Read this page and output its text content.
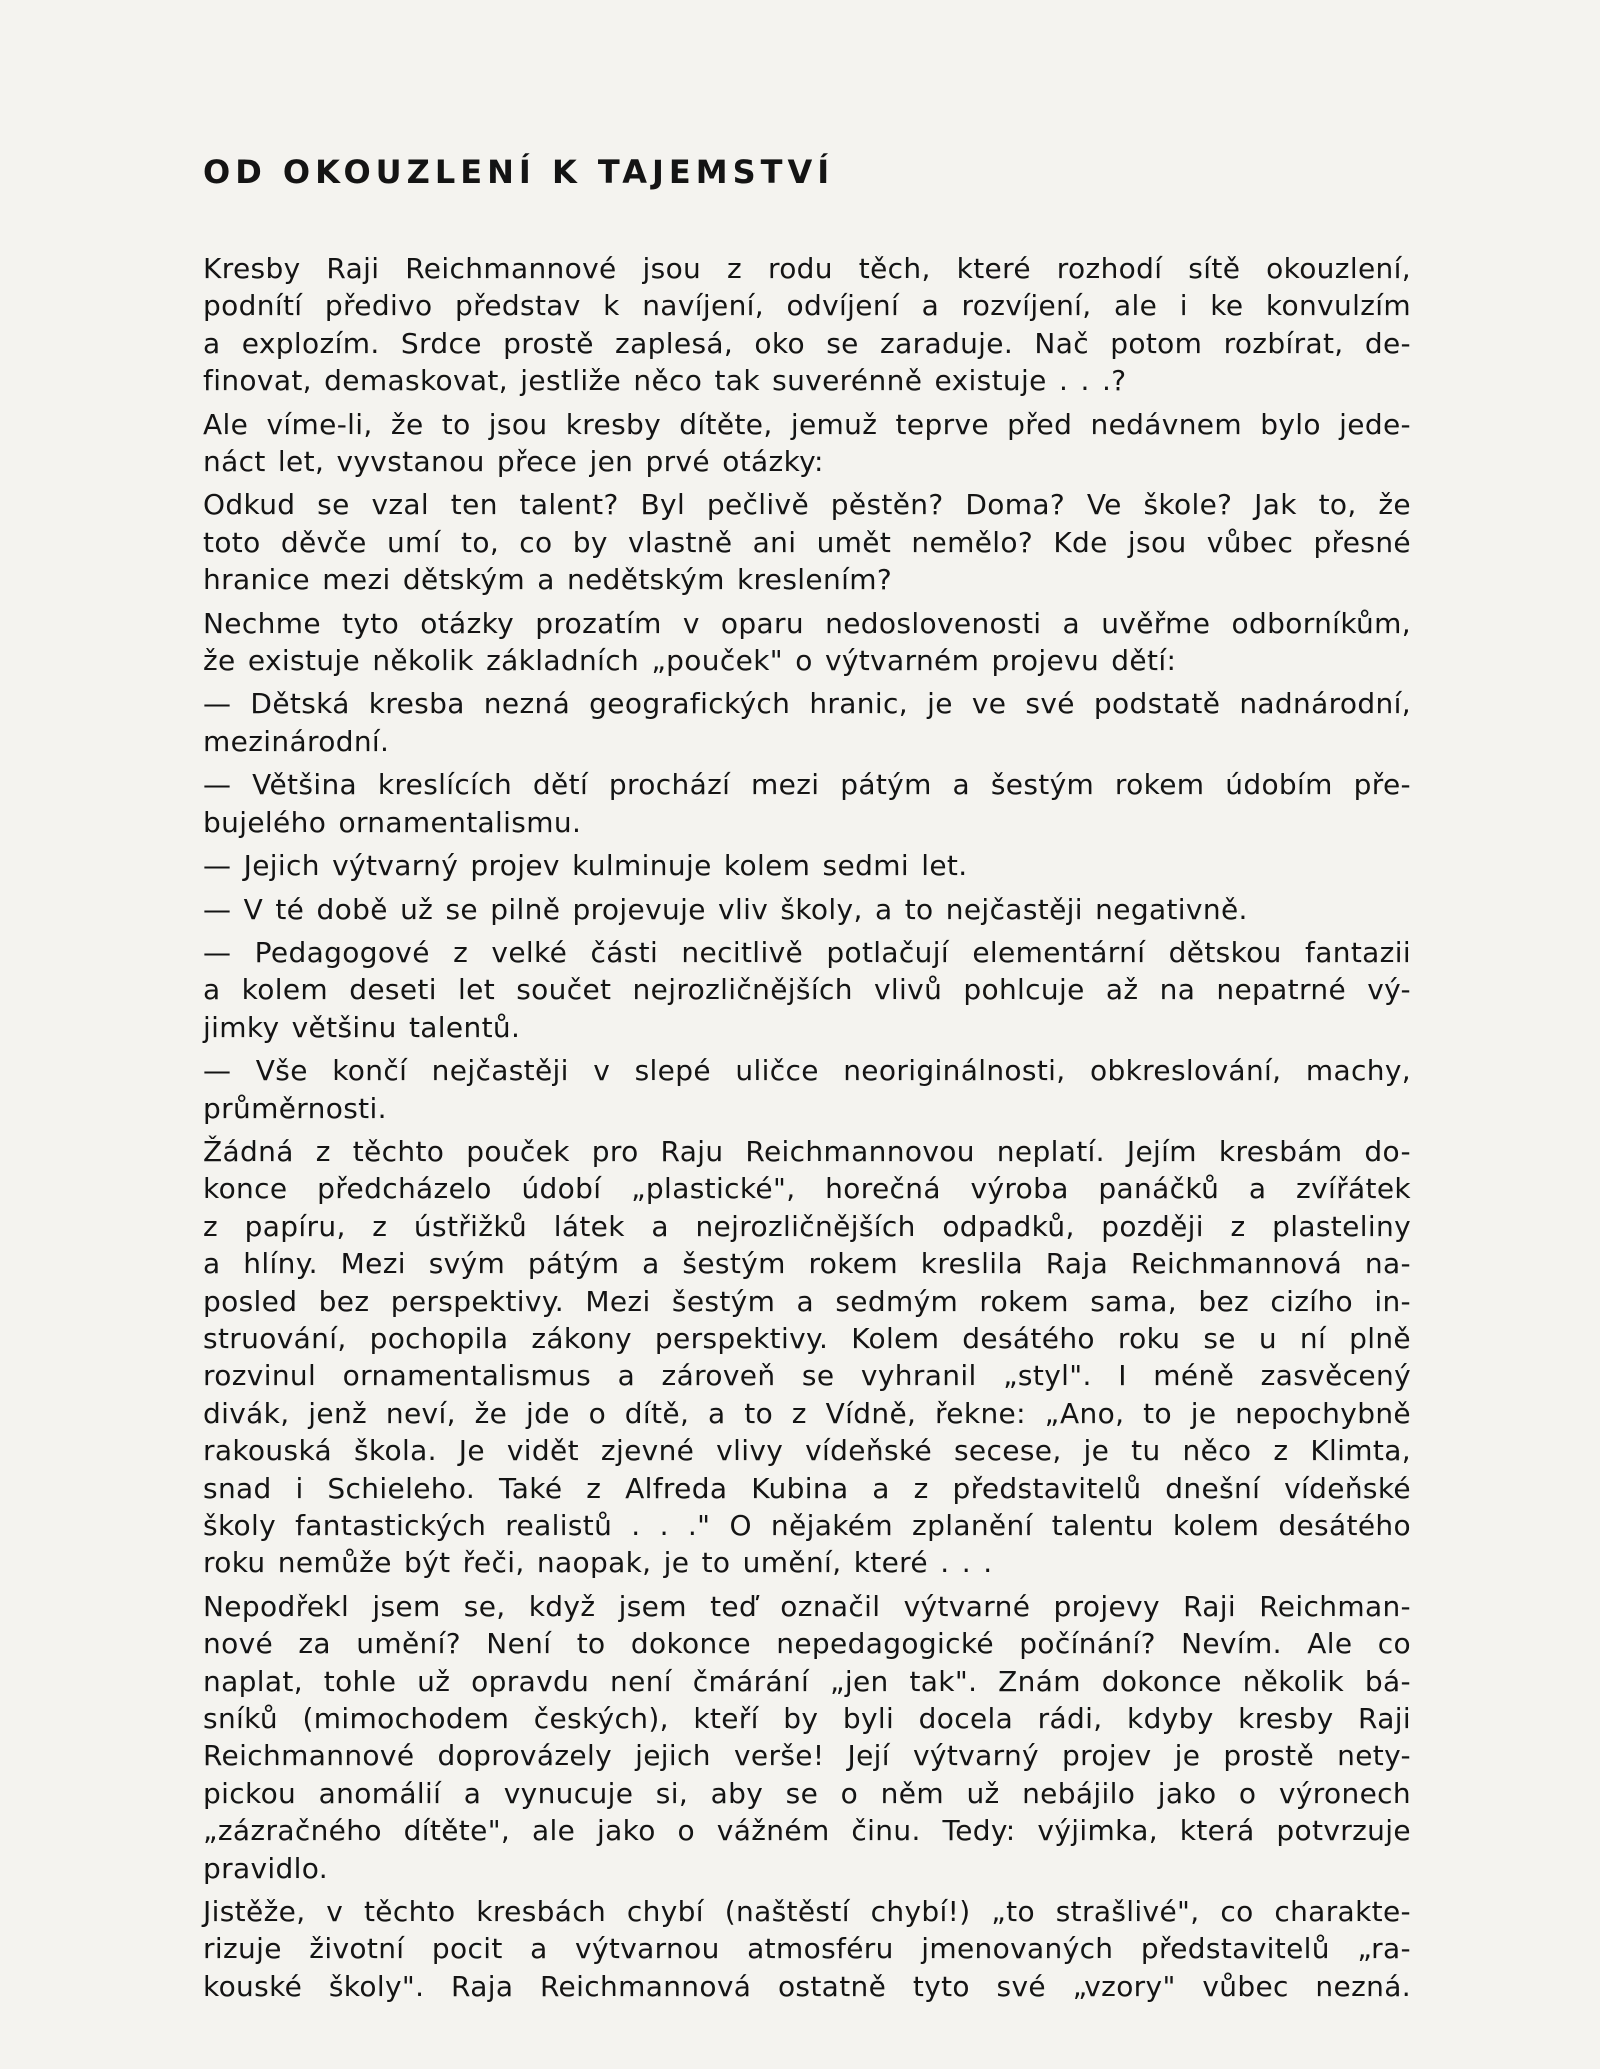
OD OKOUZLENÍ K TAJEMSTVÍ
Kresby Raji Reichmannové jsou z rodu těch, které rozhodí sítě okouzlení,
podnítí předivo představ k navíjení, odvíjení a rozvíjení, ale i ke konvulzím
a explozím. Srdce prostě zaplesá, oko se zaraduje. Nač potom rozbírat, de-
finovat, demaskovat, jestliže něco tak suverénně existuje . . .?
Ale víme-li, že to jsou kresby dítěte, jemuž teprve před nedávnem bylo jede-
náct let, vyvstanou přece jen prvé otázky:
Odkud se vzal ten talent? Byl pečlivě pěstěn? Doma? Ve škole? Jak to, že
toto děvče umí to, co by vlastně ani umět nemělo? Kde jsou vůbec přesné
hranice mezi dětským a nedětským kreslením?
Nechme tyto otázky prozatím v oparu nedoslovenosti a uvěřme odborníkům,
že existuje několik základních „pouček" o výtvarném projevu dětí:
— Dětská kresba nezná geografických hranic, je ve své podstatě nadnárodní,
mezinárodní.
— Většina kreslících dětí prochází mezi pátým a šestým rokem údobím pře-
bujelého ornamentalismu.
— Jejich výtvarný projev kulminuje kolem sedmi let.
— V té době už se pilně projevuje vliv školy, a to nejčastěji negativně.
— Pedagogové z velké části necitlivě potlačují elementární dětskou fantazii
a kolem deseti let součet nejrozličnějších vlivů pohlcuje až na nepatrné vý-
jimky většinu talentů.
— Vše končí nejčastěji v slepé uličce neoriginálnosti, obkreslování, machy,
průměrnosti.
Žádná z těchto pouček pro Raju Reichmannovou neplatí. Jejím kresbám do-
konce předcházelo údobí „plastické", horečná výroba panáčků a zvířátek
z papíru, z ústřižků látek a nejrozličnějších odpadků, později z plasteliny
a hlíny. Mezi svým pátým a šestým rokem kreslila Raja Reichmannová na-
posled bez perspektivy. Mezi šestým a sedmým rokem sama, bez cizího in-
struování, pochopila zákony perspektivy. Kolem desátého roku se u ní plně
rozvinul ornamentalismus a zároveň se vyhranil „styl". I méně zasvěcený
divák, jenž neví, že jde o dítě, a to z Vídně, řekne: „Ano, to je nepochybně
rakouská škola. Je vidět zjevné vlivy vídeňské secese, je tu něco z Klimta,
snad i Schieleho. Také z Alfreda Kubina a z představitelů dnešní vídeňské
školy fantastických realistů . . ." O nějakém zplanění talentu kolem desátého
roku nemůže být řeči, naopak, je to umění, které . . .
Nepodřekl jsem se, když jsem teď označil výtvarné projevy Raji Reichman-
nové za umění? Není to dokonce nepedagogické počínání? Nevím. Ale co
naplat, tohle už opravdu není čmárání „jen tak". Znám dokonce několik bá-
sníků (mimochodem českých), kteří by byli docela rádi, kdyby kresby Raji
Reichmannové doprovázely jejich verše! Její výtvarný projev je prostě nety-
pickou anomálií a vynucuje si, aby se o něm už nebájilo jako o výronech
„zázračného dítěte", ale jako o vážném činu. Tedy: výjimka, která potvrzuje
pravidlo.
Jistěže, v těchto kresbách chybí (naštěstí chybí!) „to strašlivé", co charakte-
rizuje životní pocit a výtvarnou atmosféru jmenovaných představitelů „ra-
kouské školy". Raja Reichmannová ostatně tyto své „vzory" vůbec nezná.
